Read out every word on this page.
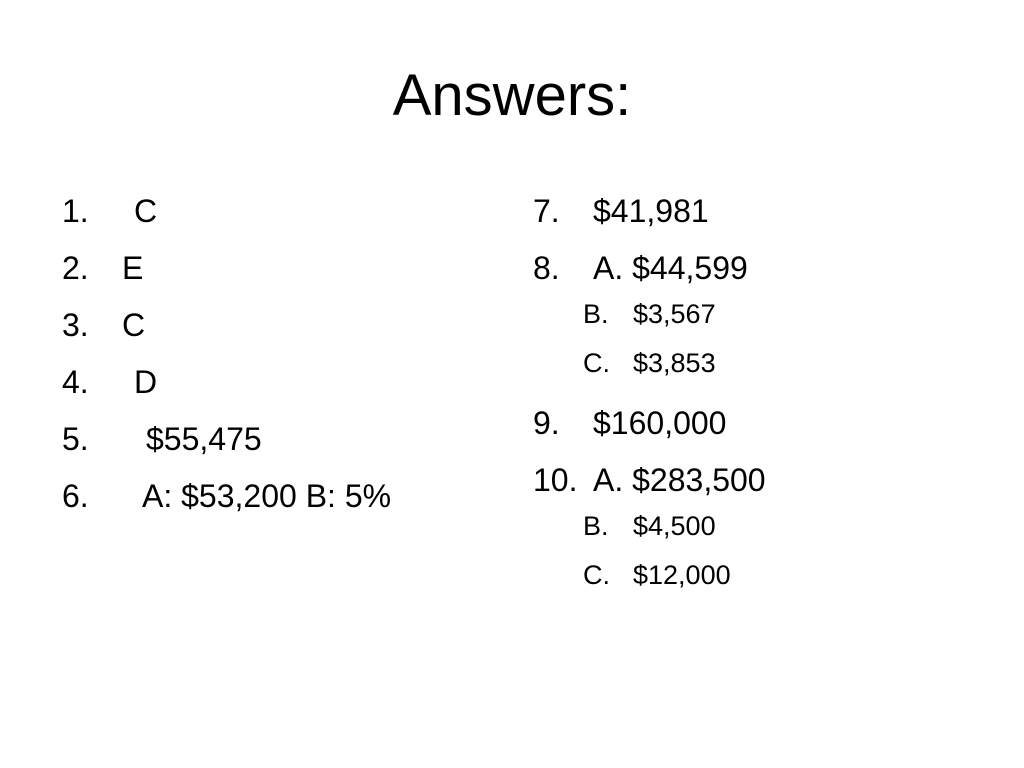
Answers:
1. C
2. E
3. C
4. D
5. $55,475
6. A: $53,200 B: 5%
7. $41,981
8. A. $44,599
B. $3,567
C. $3,853
9. $160,000
10. A. $283,500
B. $4,500
C. $12,000
